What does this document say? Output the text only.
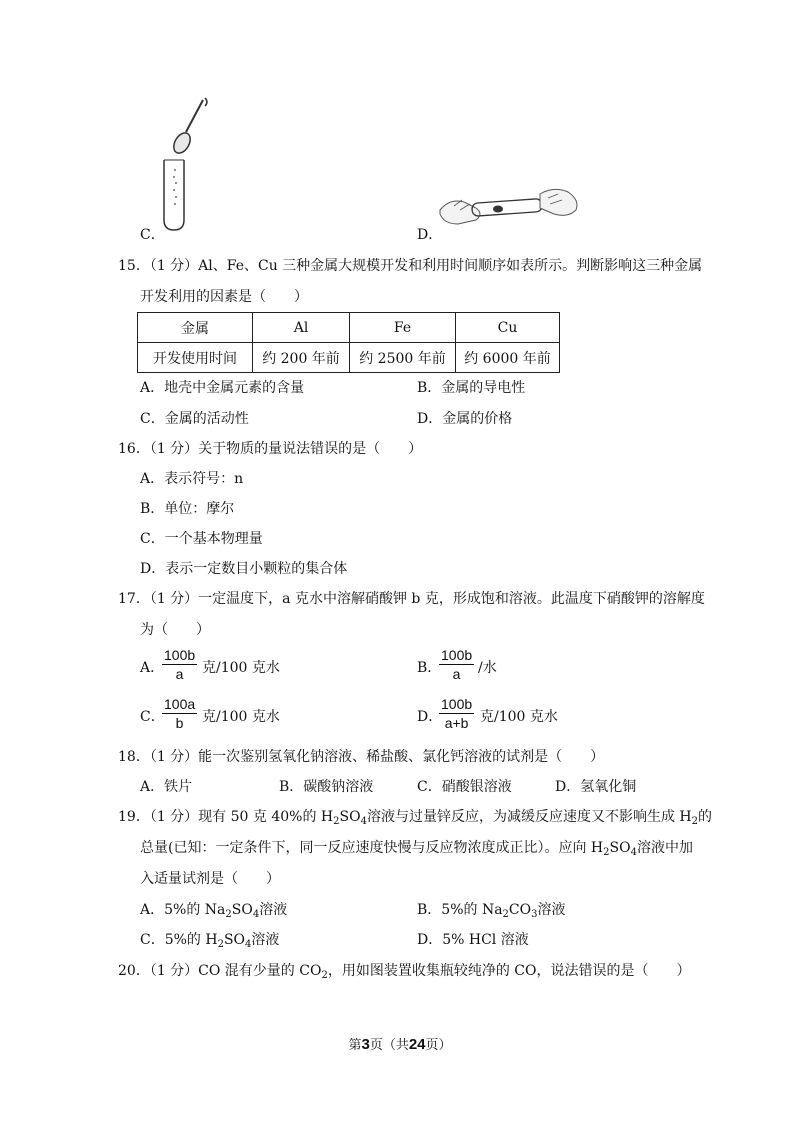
C．	D．
15．（1 分）Al、Fe、Cu 三种金属大规模开发和利用时间顺序如表所示。判断影响这三种金属
开发利用的因素是（　　）
金属	Al	Fe	Cu
开发使用时间	约 200 年前	约 2500 年前	约 6000 年前
A．地壳中金属元素的含量	B．金属的导电性
C．金属的活动性	D．金属的价格
16．（1 分）关于物质的量说法错误的是（　　）
A．表示符号：n
B．单位：摩尔
C．一个基本物理量
D．表示一定数目小颗粒的集合体
17．（1 分）一定温度下，a 克水中溶解硝酸钾 b 克，形成饱和溶液。此温度下硝酸钾的溶解度
为（　　）
A．
$\frac{100b}{a}$ 克/100 克水	B．
$\frac{100b}{a}$ /水
C．
$\frac{100a}{b}$ 克/100 克水	D．
$\frac{100b}{a+b}$ 克/100 克水
18．（1 分）能一次鉴别氢氧化钠溶液、稀盐酸、氯化钙溶液的试剂是（　　）
A．铁片	B．碳酸钠溶液	C．硝酸银溶液	D．氢氧化铜
19．（1 分）现有 50 克 40%的 $H_2SO_4$溶液与过量锌反应，为减缓反应速度又不影响生成 $H_2$的
总量(已知：一定条件下，同一反应速度快慢与反应物浓度成正比）。应向 $H_2SO_4$溶液中加
入适量试剂是（　　）
A．5%的 $Na_2SO_4$溶液	B．5%的 $Na_2CO_3$溶液
C．5%的 $H_2SO_4$溶液	D．5% HCl 溶液
20．（1 分）CO 混有少量的 $CO_2$，用如图装置收集瓶较纯净的 CO，说法错误的是（　　）
第3页（共24页）
